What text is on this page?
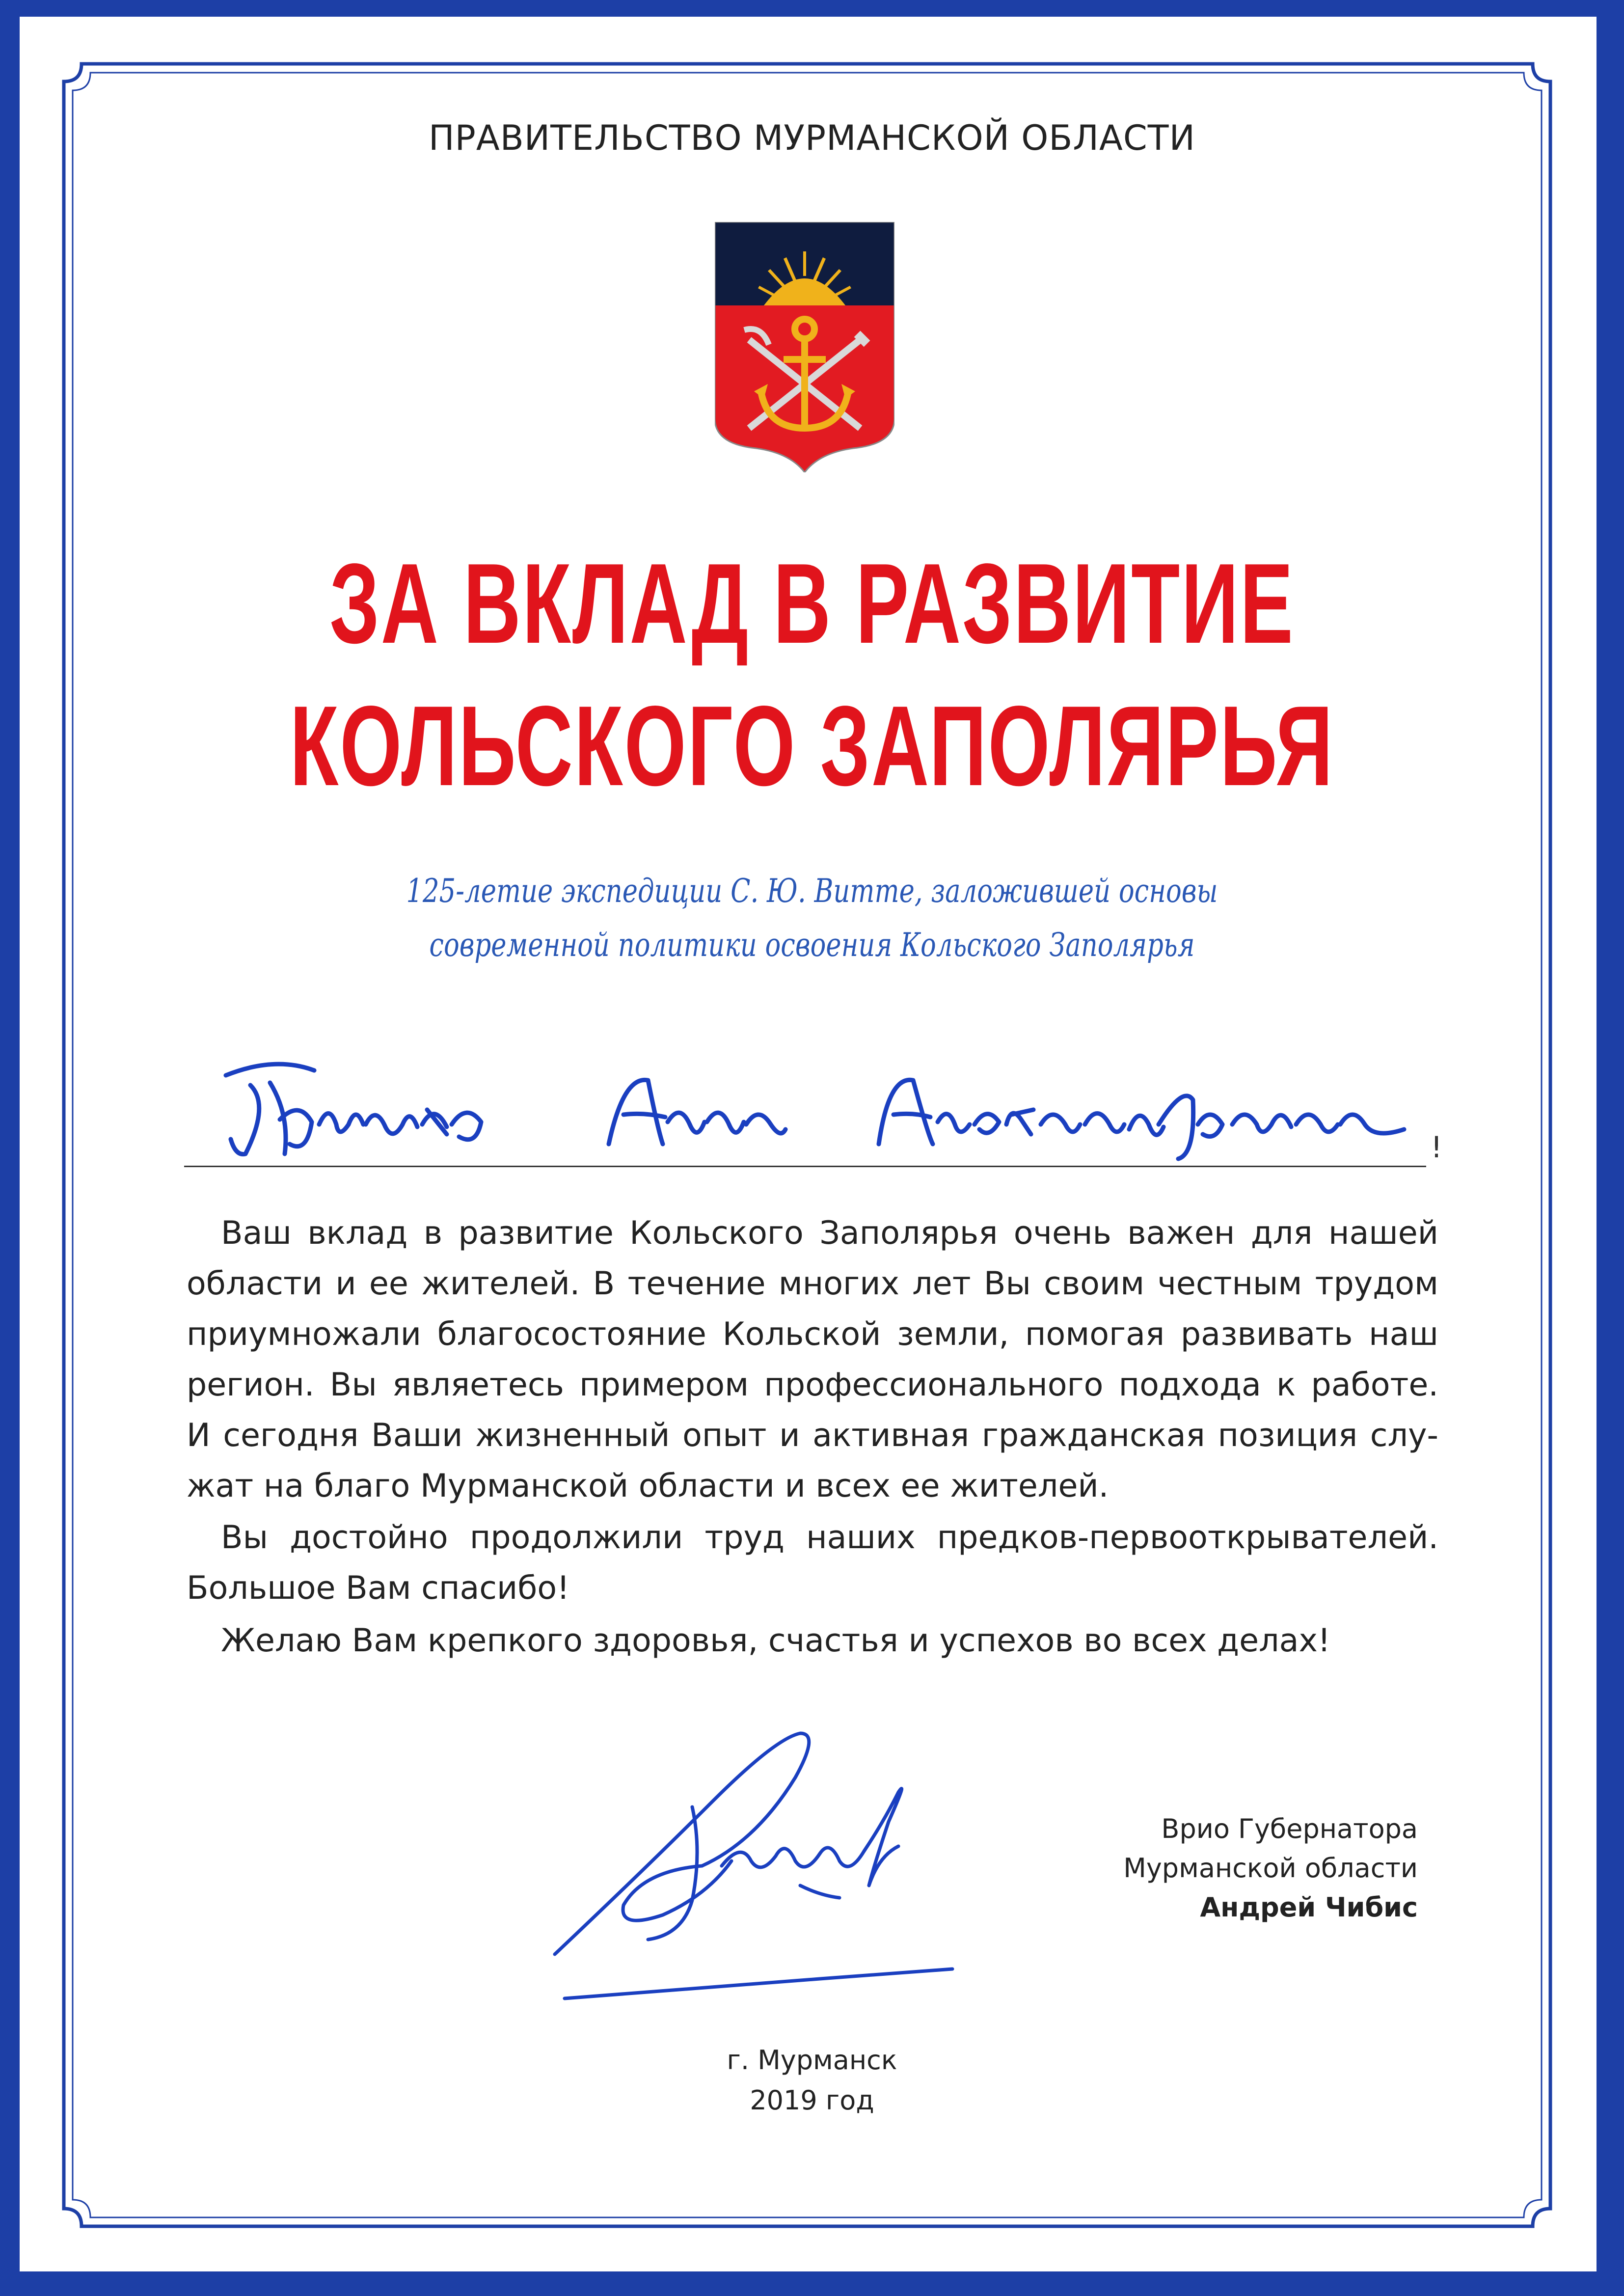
ПРАВИТЕЛЬСТВО МУРМАНСКОЙ ОБЛАСТИ
ЗА ВКЛАД В РАЗВИТИЕ
КОЛЬСКОГО ЗАПОЛЯРЬЯ
125-летие экспедиции С. Ю. Витте, заложившей основы
современной политики освоения Кольского Заполярья
!

Ваш вклад в развитие Кольского Заполярья очень важен для нашей

области и ее жителей. В течение многих лет Вы своим честным трудом

приумножали благосостояние Кольской земли, помогая развивать наш

регион. Вы являетесь примером профессионального подхода к работе.

И сегодня Ваши жизненный опыт и активная гражданская позиция слу-

жат на благо Мурманской области и всех ее жителей.

Вы достойно продолжили труд наших предков-первооткрывателей.

Большое Вам спасибо!

Желаю Вам крепкого здоровья, счастья и успехов во всех делах!

Врио Губернатора
Мурманской области
Андрей Чибис
г. Мурманск
2019 год
